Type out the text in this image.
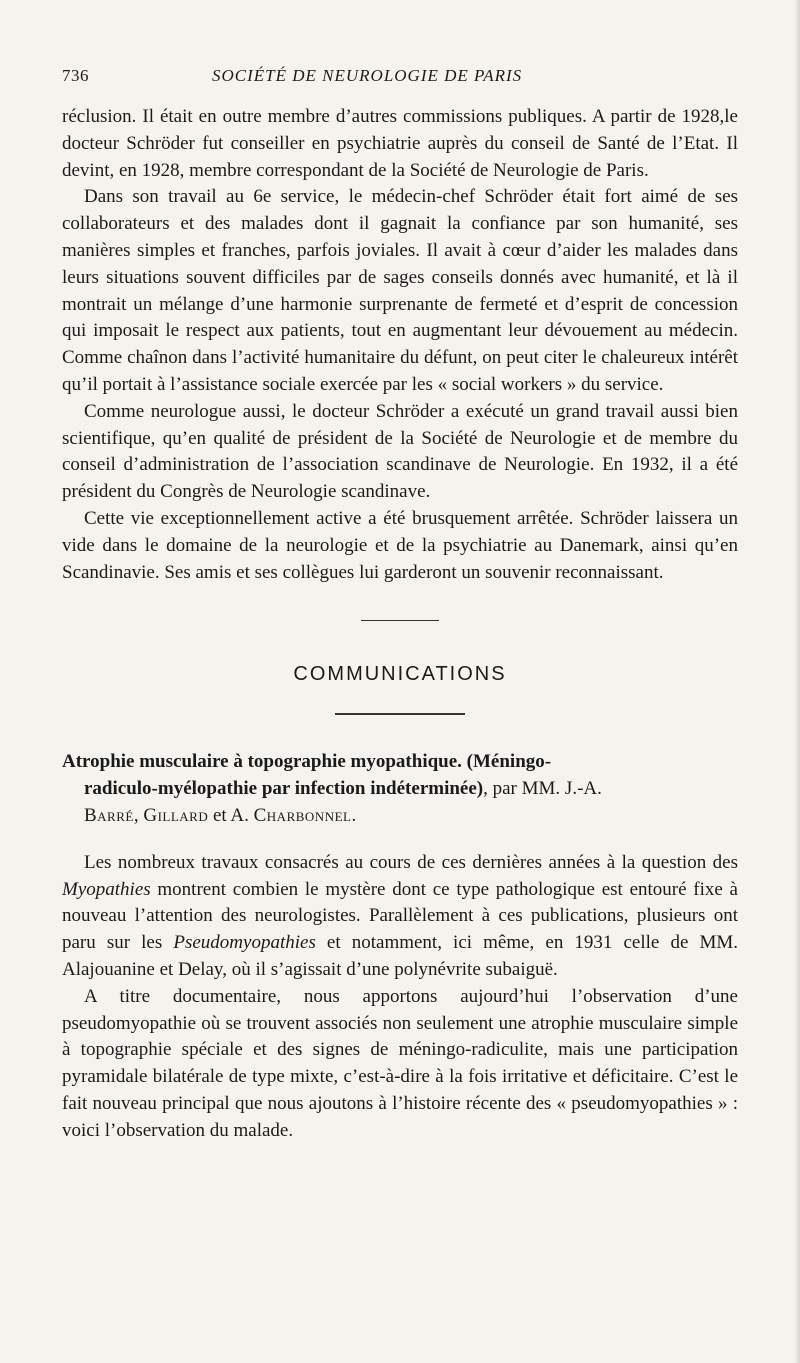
736	SOCIÉTÉ DE NEUROLOGIE DE PARIS

réclusion. Il était en outre membre d’autres commissions publiques. A partir de 1928,le docteur Schröder fut conseiller en psychiatrie auprès du conseil de Santé de l’Etat. Il devint, en 1928, membre correspondant de la Société de Neurologie de Paris.

Dans son travail au 6e service, le médecin-chef Schröder était fort aimé de ses collaborateurs et des malades dont il gagnait la confiance par son humanité, ses manières simples et franches, parfois joviales. Il avait à cœur d’aider les malades dans leurs situations souvent difficiles par de sages conseils donnés avec humanité, et là il montrait un mélange d’une harmonie surprenante de fermeté et d’esprit de concession qui imposait le respect aux patients, tout en augmentant leur dévouement au médecin. Comme chaînon dans l’activité humanitaire du défunt, on peut citer le chaleureux intérêt qu’il portait à l’assistance sociale exercée par les « social workers » du service.

Comme neurologue aussi, le docteur Schröder a exécuté un grand travail aussi bien scientifique, qu’en qualité de président de la Société de Neurologie et de membre du conseil d’administration de l’association scandinave de Neurologie. En 1932, il a été président du Congrès de Neurologie scandinave.

Cette vie exceptionnellement active a été brusquement arrêtée. Schröder laissera un vide dans le domaine de la neurologie et de la psychiatrie au Danemark, ainsi qu’en Scandinavie. Ses amis et ses collègues lui garderont un souvenir reconnaissant.

COMMUNICATIONS
Atrophie musculaire à topographie myopathique. (Méningo-
radiculo-myélopathie par infection indéterminée), par MM. J.-A.
Barré, Gillard et A. Charbonnel.

Les nombreux travaux consacrés au cours de ces dernières années à la question des Myopathies montrent combien le mystère dont ce type pathologique est entouré fixe à nouveau l’attention des neurologistes. Parallèlement à ces publications, plusieurs ont paru sur les Pseudomyopathies et notamment, ici même, en 1931 celle de MM. Alajouanine et Delay, où il s’agissait d’une polynévrite subaiguë.

A titre documentaire, nous apportons aujourd’hui l’observation d’une pseudomyopathie où se trouvent associés non seulement une atrophie musculaire simple à topographie spéciale et des signes de méningo-radiculite, mais une participation pyramidale bilatérale de type mixte, c’est-à-dire à la fois irritative et déficitaire. C’est le fait nouveau principal que nous ajoutons à l’histoire récente des « pseudomyopathies » : voici l’observation du malade.
